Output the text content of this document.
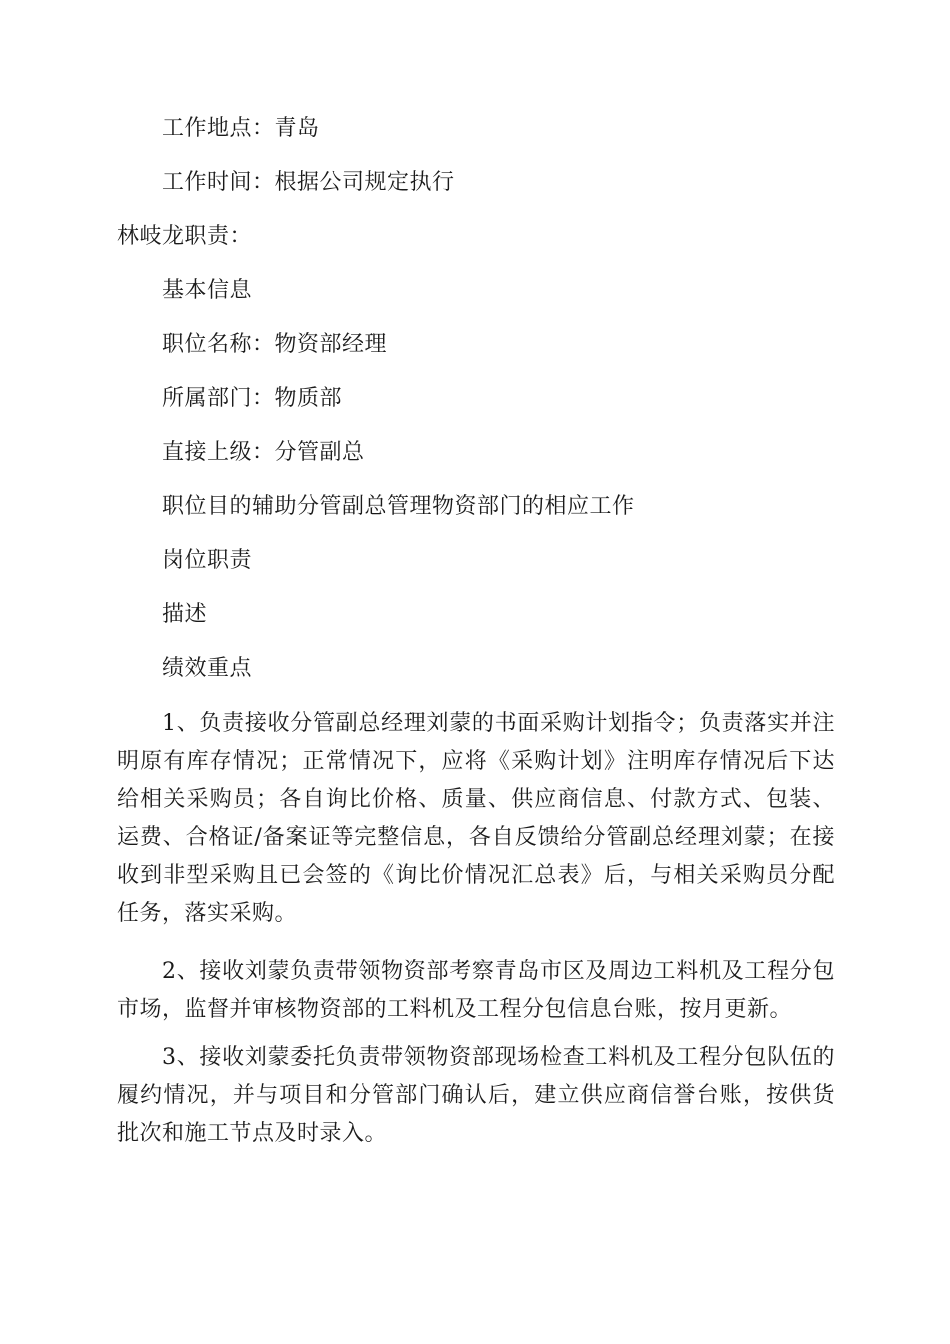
工作地点：青岛
工作时间：根据公司规定执行
林岐龙职责：
基本信息
职位名称：物资部经理
所属部门：物质部
直接上级：分管副总
职位目的辅助分管副总管理物资部门的相应工作
岗位职责
描述
绩效重点
1、负责接收分管副总经理刘蒙的书面采购计划指令；负责落实并注明原有库存情况；正常情况下，应将《采购计划》注明库存情况后下达给相关采购员；各自询比价格、质量、供应商信息、付款方式、包装、运费、合格证/备案证等完整信息，各自反馈给分管副总经理刘蒙；在接收到非型采购且已会签的《询比价情况汇总表》后，与相关采购员分配任务，落实采购。
2、接收刘蒙负责带领物资部考察青岛市区及周边工料机及工程分包市场，监督并审核物资部的工料机及工程分包信息台账，按月更新。
3、接收刘蒙委托负责带领物资部现场检查工料机及工程分包队伍的履约情况，并与项目和分管部门确认后，建立供应商信誉台账，按供货批次和施工节点及时录入。
